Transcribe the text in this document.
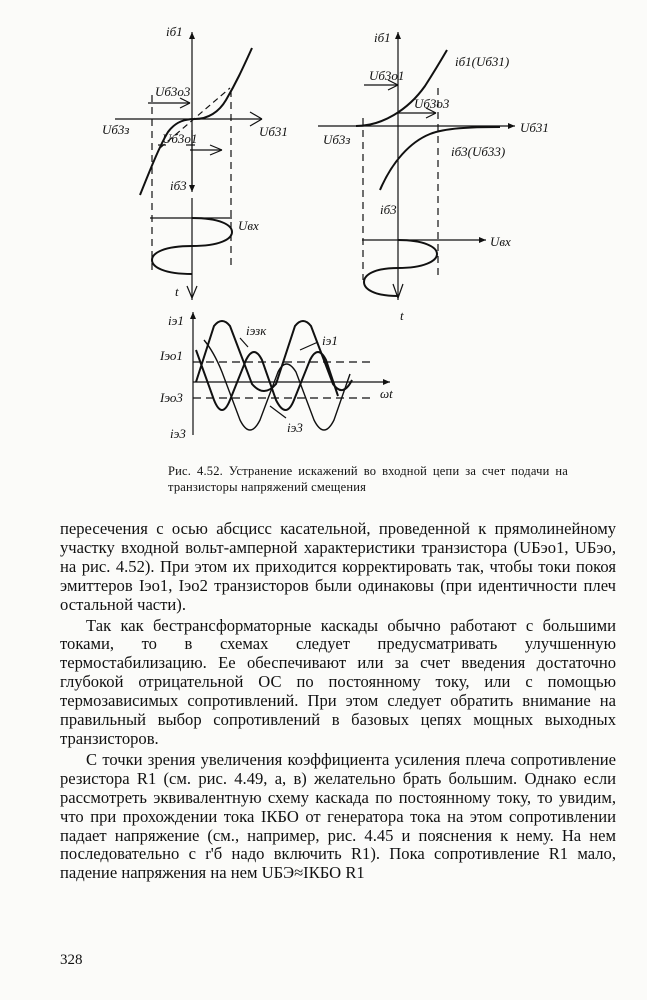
iб1
Uб3з	Uб31
Uб3о3
Uб3о1
iб3
Uвх
t
iб1
iб1(Uб31)
Uб3о1
Uб3о3
Uб3з
Uб31
iб3(Uб33)
iб3
Uвх
t
iэ1
Iэо1
Iэо3
iэ3
iэзк
iэ1
iэ3
ωt
Рис. 4.52. Устранение искажений во входной цепи за счет подачи на транзисторы напряжений смещения

пересечения с осью абсцисс касательной, проведенной к прямолинейному участку входной вольт-амперной характеристики транзистора (UБэо1, UБэо, на рис. 4.52). При этом их приходится корректировать так, чтобы токи покоя эмиттеров Iэо1, Iэо2 транзисторов были одинаковы (при идентичности плеч остальной части).

Так как бестрансформаторные каскады обычно работают с большими токами, то в схемах следует предусматривать улучшенную термостабилизацию. Ее обеспечивают или за счет введения достаточно глубокой отрицательной ОС по постоянному току, или с помощью термозависимых сопротивлений. При этом следует обратить внимание на правильный выбор сопротивлений в базовых цепях мощных выходных транзисторов.

С точки зрения увеличения коэффициента усиления плеча сопротивление резистора R1 (см. рис. 4.49, а, в) желательно брать большим. Однако если рассмотреть эквивалентную схему каскада по постоянному току, то увидим, что при прохождении тока IКБО от генератора тока на этом сопротивлении падает напряжение (см., например, рис. 4.45 и пояснения к нему. На нем последовательно с r'б надо включить R1). Пока сопротивление R1 мало, падение напряжения на нем UБЭ≈IКБО R1

328
